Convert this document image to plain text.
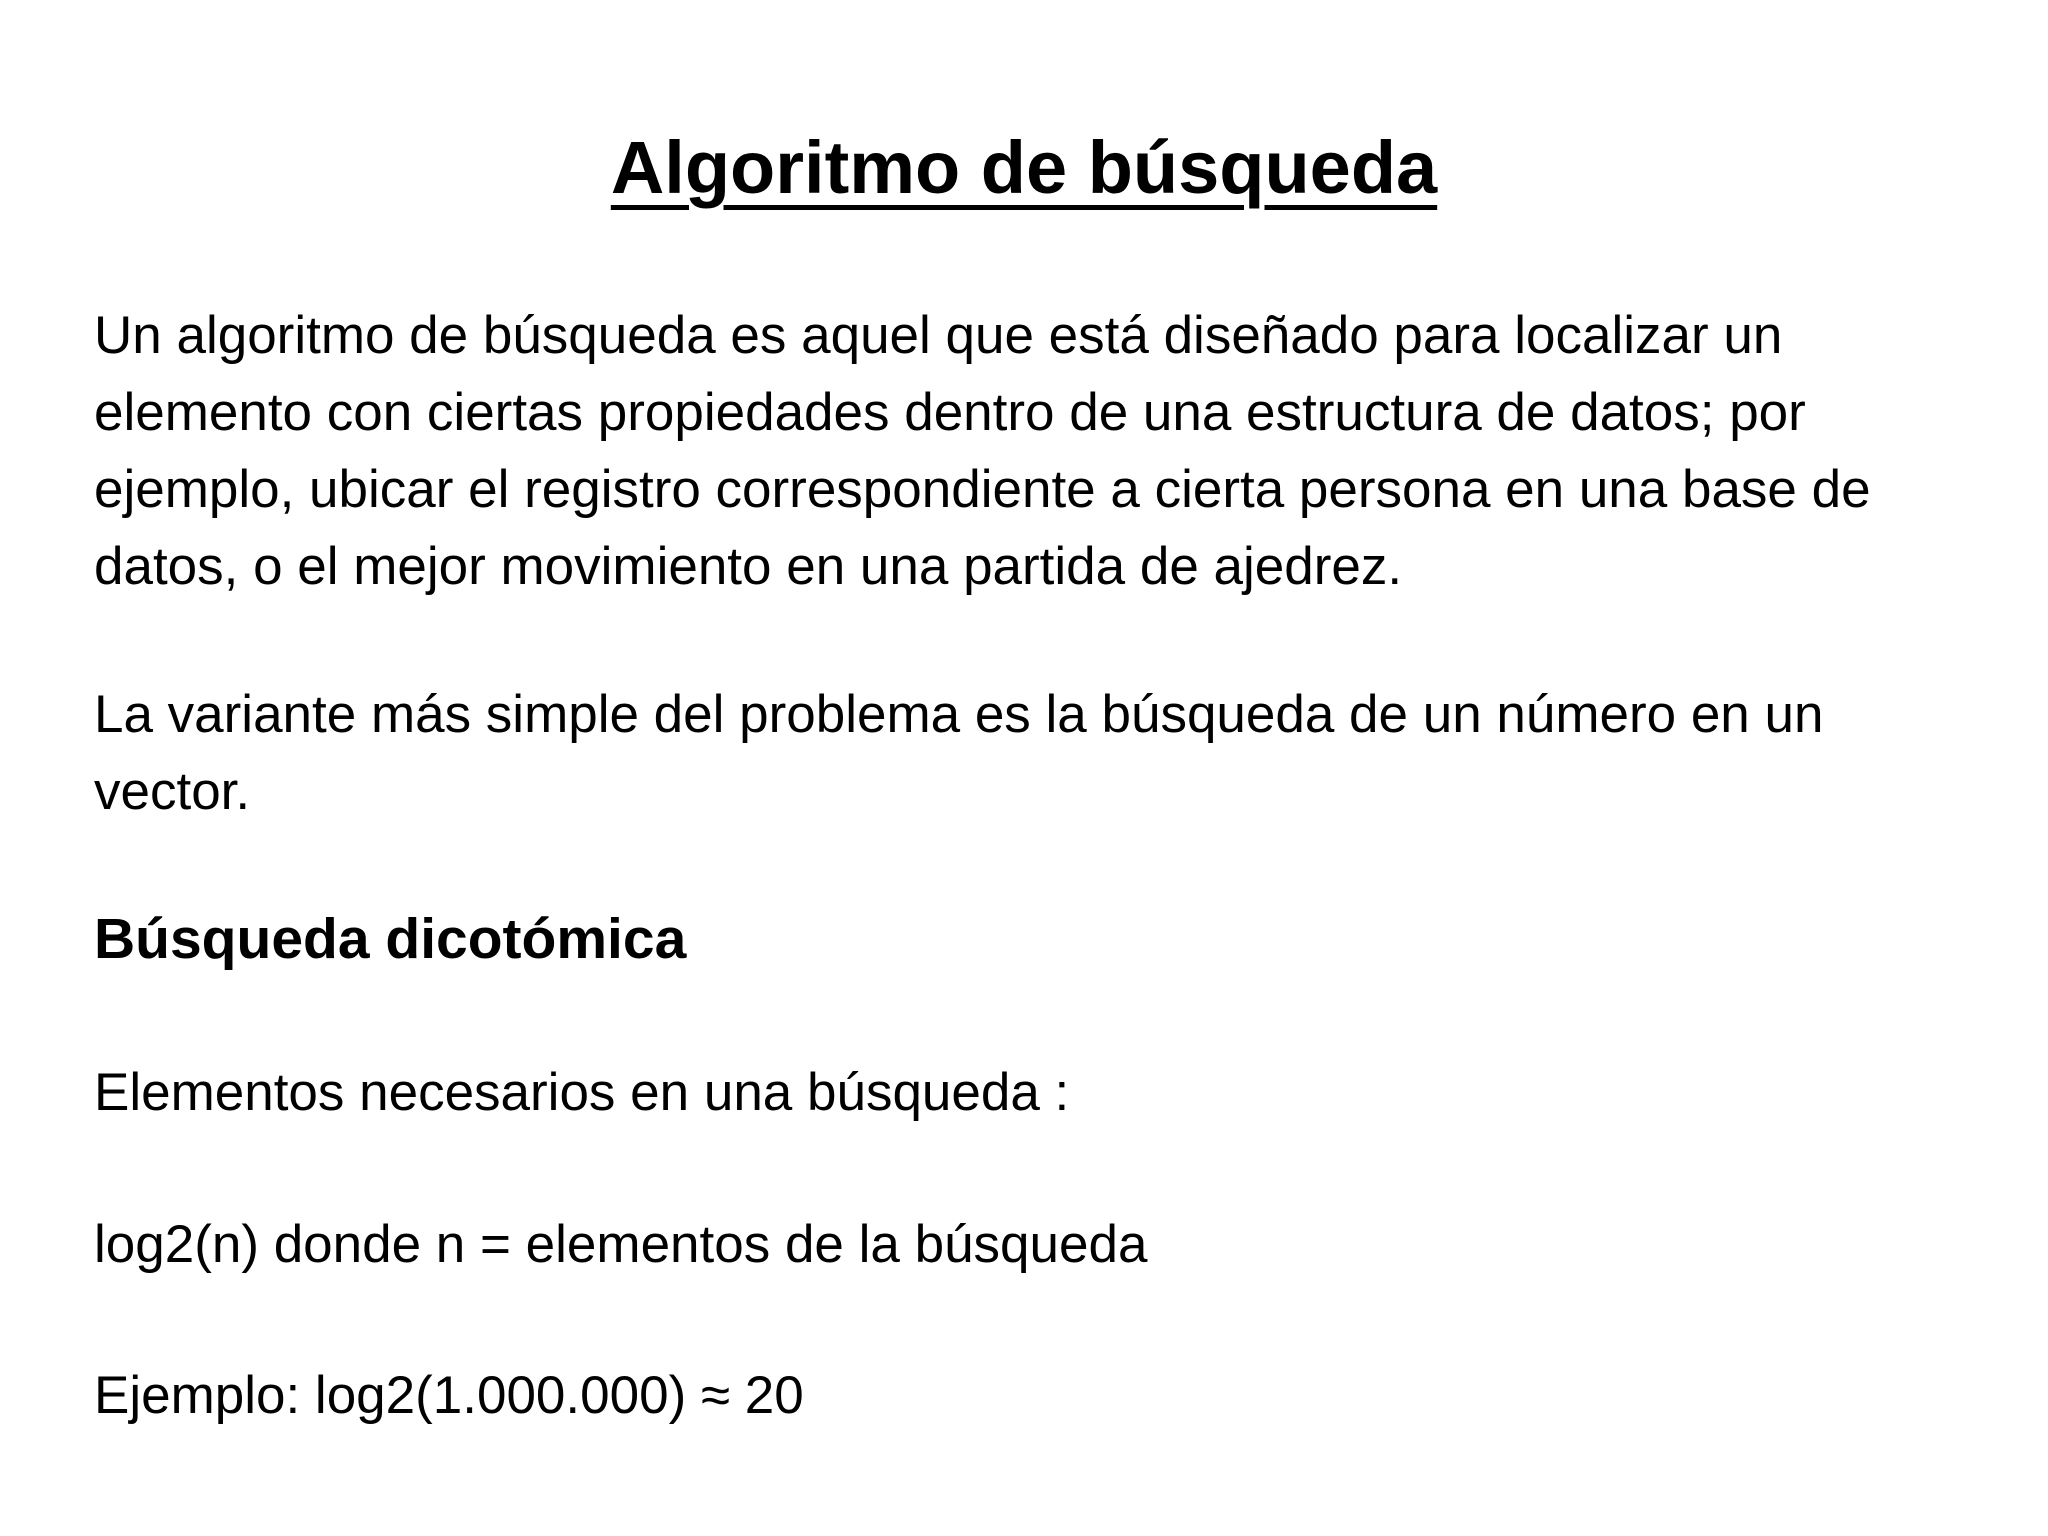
Algoritmo de búsqueda

Un algoritmo de búsqueda es aquel que está diseñado para localizar un elemento con ciertas propiedades dentro de una estructura de datos; por ejemplo, ubicar el registro correspondiente a cierta persona en una base de datos, o el mejor movimiento en una partida de ajedrez.

La variante más simple del problema es la búsqueda de un número en un vector.

Búsqueda dicotómica

Elementos necesarios en una búsqueda :

log2(n) donde n = elementos de la búsqueda

Ejemplo: log2(1.000.000) ≈ 20
